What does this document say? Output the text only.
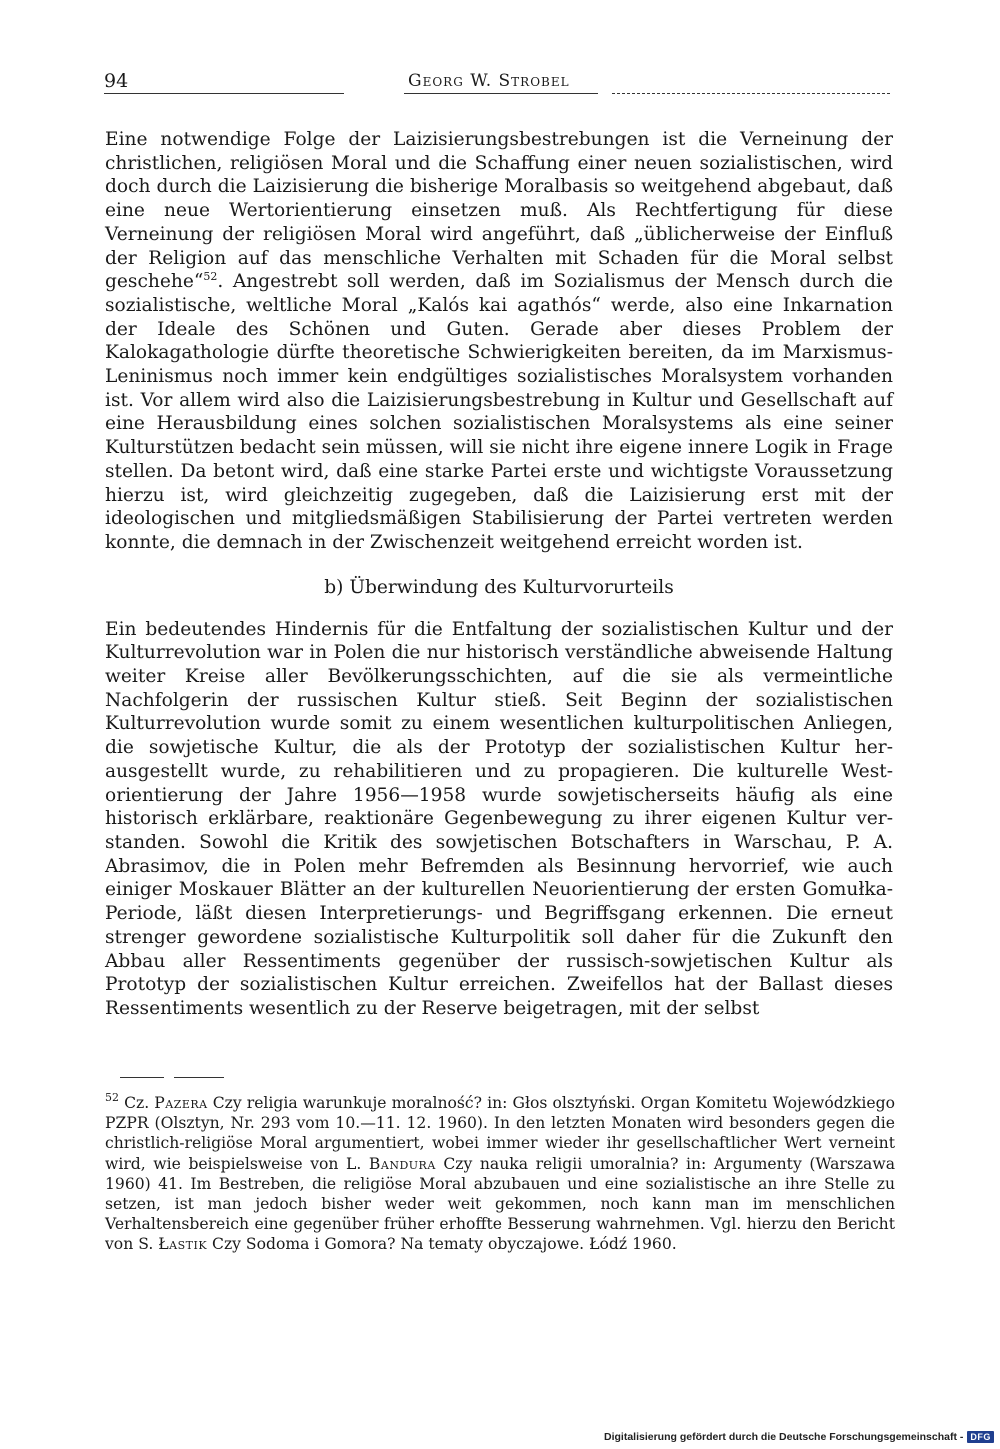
94	Georg W. Strobel

Eine notwendige Folge der Laizisierungsbestrebungen ist die Verneinung der christlichen, religiösen Moral und die Schaffung einer neuen sozialistischen, wird doch durch die Laizisierung die bisherige Moralbasis so weitgehend abgebaut, daß eine neue Wertorientierung einsetzen muß. Als Rechtfertigung für diese Verneinung der religiösen Moral wird angeführt, daß „üblicherweise der Einfluß der Religion auf das menschliche Verhalten mit Schaden für die Moral selbst geschehe“$^{52}$. Angestrebt soll werden, daß im Sozialismus der Mensch durch die sozialistische, weltliche Moral „Kalós kai agathós“ werde, also eine Inkarnation der Ideale des Schönen und Guten. Gerade aber dieses Problem der Kalokagathologie dürfte theoretische Schwierigkeiten bereiten, da im Marxismus-Leninismus noch immer kein endgültiges sozialistisches Moralsystem vorhanden ist. Vor allem wird also die Laizisierungsbestrebung in Kultur und Gesellschaft auf eine Herausbildung eines solchen sozialistischen Moralsystems als eine seiner Kulturstützen bedacht sein müssen, will sie nicht ihre eigene innere Logik in Frage stellen. Da betont wird, daß eine starke Partei erste und wichtigste Voraussetzung hierzu ist, wird gleichzeitig zugegeben, daß die Laizisierung erst mit der ideologischen und mitgliedsmäßigen Stabilisierung der Partei vertreten werden konnte, die demnach in der Zwischenzeit weitgehend erreicht worden ist.

b) Überwindung des Kulturvorurteils

Ein bedeutendes Hindernis für die Entfaltung der sozialistischen Kultur und der Kulturrevolution war in Polen die nur historisch verständliche abweisende Haltung weiter Kreise aller Bevölkerungsschichten, auf die sie als vermeintliche Nachfolgerin der russischen Kultur stieß. Seit Beginn der sozialistischen Kulturrevolution wurde somit zu einem wesentlichen kulturpolitischen Anliegen, die sowjetische Kultur, die als der Prototyp der sozialistischen Kultur herausgestellt wurde, zu rehabilitieren und zu propagieren. Die kulturelle Westorientierung der Jahre 1956—1958 wurde sowjetischerseits häufig als eine historisch erklärbare, reaktionäre Gegenbewegung zu ihrer eigenen Kultur verstanden. Sowohl die Kritik des sowjetischen Botschafters in Warschau, P. A. Abrasimov, die in Polen mehr Befremden als Besinnung hervorrief, wie auch einiger Moskauer Blätter an der kulturellen Neuorientierung der ersten Gomułka-Periode, läßt diesen Interpretierungs- und Begriffsgang erkennen. Die erneut strenger gewordene sozialistische Kulturpolitik soll daher für die Zukunft den Abbau aller Ressentiments gegenüber der russisch-sowjetischen Kultur als Prototyp der sozialistischen Kultur erreichen. Zweifellos hat der Ballast dieses Ressentiments wesentlich zu der Reserve beigetragen, mit der selbst

$^{52}$ Cz. Pazera Czy religia warunkuje moralność? in: Głos olsztyński. Organ Komitetu Wojewódzkiego PZPR (Olsztyn, Nr. 293 vom 10.—11. 12. 1960). In den letzten Monaten wird besonders gegen die christlich-religiöse Moral argumentiert, wobei immer wieder ihr gesellschaftlicher Wert verneint wird, wie beispielsweise von L. Bandura Czy nauka religii umoralnia? in: Argumenty (Warszawa 1960) 41. Im Bestreben, die religiöse Moral abzubauen und eine sozialistische an ihre Stelle zu setzen, ist man jedoch bisher weder weit gekommen, noch kann man im menschlichen Verhaltensbereich eine gegenüber früher erhoffte Besserung wahrnehmen. Vgl. hierzu den Bericht von S. Łastik Czy Sodoma i Gomora? Na tematy obyczajowe. Łódź 1960.

Digitalisierung gefördert durch die Deutsche Forschungsgemeinschaft - DFG
